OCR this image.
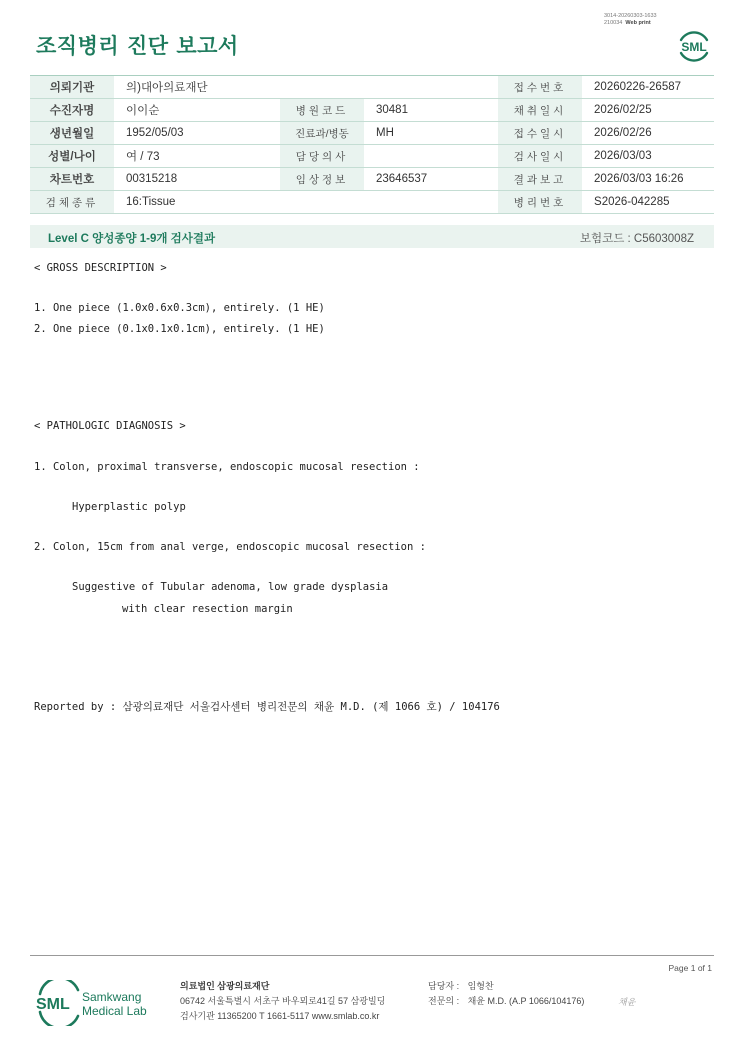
조직병리 진단 보고서
3014-20260303-1633
210034 Web print
SML
의뢰기관	의)대아의료재단			접수번호	20260226-26587
수진자명	이이순	병원코드	30481	채취일시	2026/02/25
생년월일	1952/05/03	진료과/병동	MH	접수일시	2026/02/26
성별/나이	여 / 73	담당의사		검사일시	2026/03/03
차트번호	00315218	임상정보	23646537	결과보고	2026/03/03 16:26
검체종류	16:Tissue			병리번호	S2026-042285
Level C 양성종양 1-9개 검사결과	보험코드 : C5603008Z
< GROSS DESCRIPTION >
1. One piece (1.0x0.6x0.3cm), entirely. (1 HE)
2. One piece (0.1x0.1x0.1cm), entirely. (1 HE)
< PATHOLOGIC DIAGNOSIS >
1. Colon, proximal transverse, endoscopic mucosal resection :
Hyperplastic polyp
2. Colon, 15cm from anal verge, endoscopic mucosal resection :
Suggestive of Tubular adenoma, low grade dysplasia
with clear resection margin
Reported by : 삼광의료재단 서울검사센터 병리전문의 채윤 M.D. (제 1066 호) / 104176
Page 1 of 1
SML Samkwang
Medical Lab
의료법인 삼광의료재단
06742 서울특별시 서초구 바우뫼로41길 57 삼광빌딩
검사기관 11365200 T 1661-5117 www.smlab.co.kr
담당자 : 임형찬
전문의 : 채윤 M.D. (A.P 1066/104176)	채윤
